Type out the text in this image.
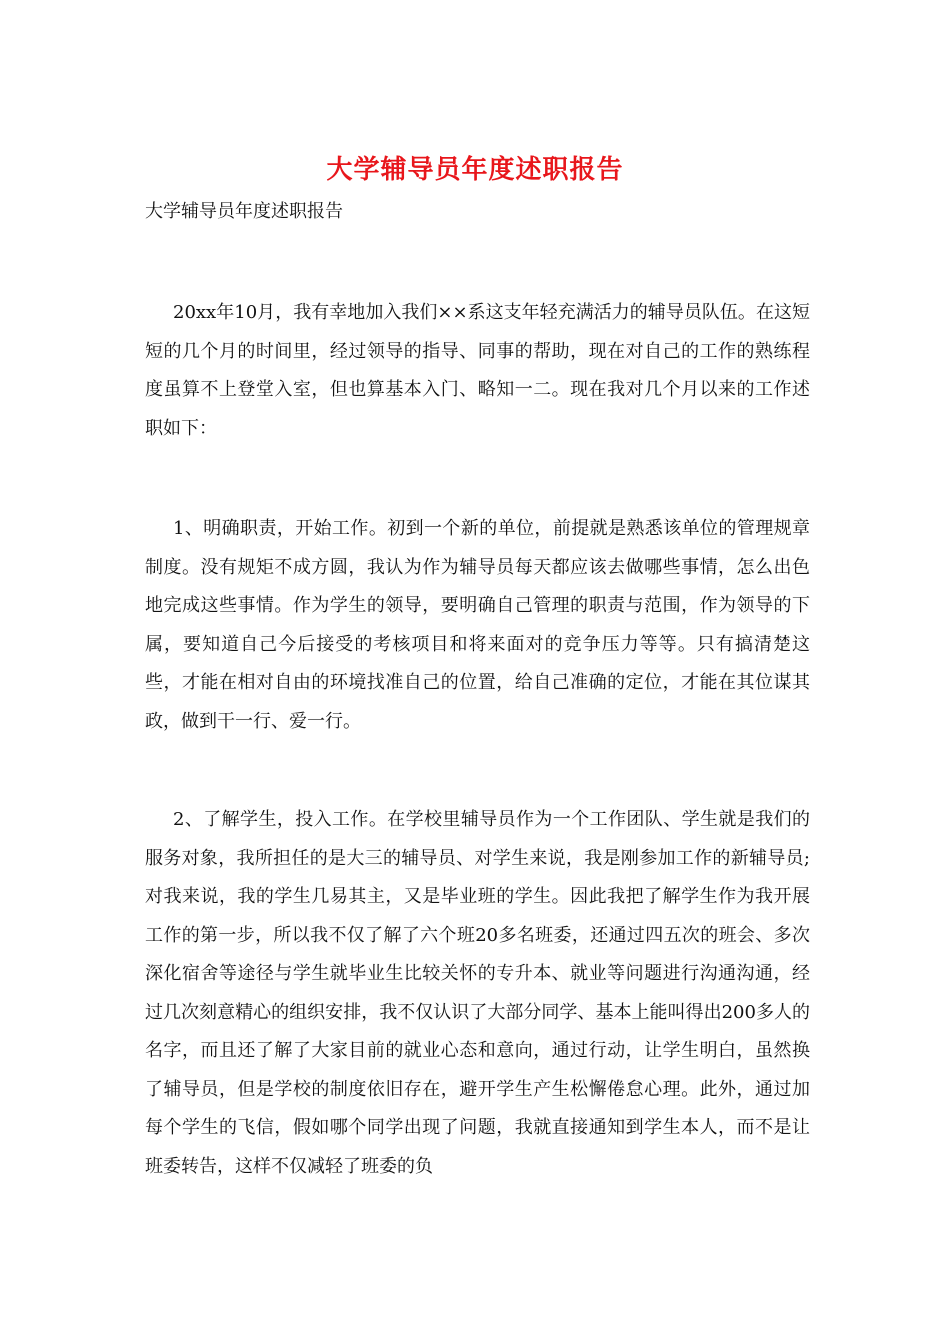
大学辅导员年度述职报告
大学辅导员年度述职报告

20xx年10月，我有幸地加入我们××系这支年轻充满活力的辅导员队伍。在这短短的几个月的时间里，经过领导的指导、同事的帮助，现在对自己的工作的熟练程度虽算不上登堂入室，但也算基本入门、略知一二。现在我对几个月以来的工作述职如下：

1、明确职责，开始工作。初到一个新的单位，前提就是熟悉该单位的管理规章制度。没有规矩不成方圆，我认为作为辅导员每天都应该去做哪些事情，怎么出色地完成这些事情。作为学生的领导，要明确自己管理的职责与范围，作为领导的下属，要知道自己今后接受的考核项目和将来面对的竞争压力等等。只有搞清楚这些，才能在相对自由的环境找准自己的位置，给自己准确的定位，才能在其位谋其政，做到干一行、爱一行。

2、了解学生，投入工作。在学校里辅导员作为一个工作团队、学生就是我们的服务对象，我所担任的是大三的辅导员、对学生来说，我是刚参加工作的新辅导员;对我来说，我的学生几易其主，又是毕业班的学生。因此我把了解学生作为我开展工作的第一步，所以我不仅了解了六个班20多名班委，还通过四五次的班会、多次深化宿舍等途径与学生就毕业生比较关怀的专升本、就业等问题进行沟通沟通，经过几次刻意精心的组织安排，我不仅认识了大部分同学、基本上能叫得出200多人的名字，而且还了解了大家目前的就业心态和意向，通过行动，让学生明白，虽然换了辅导员，但是学校的制度依旧存在，避开学生产生松懈倦怠心理。此外，通过加每个学生的飞信，假如哪个同学出现了问题，我就直接通知到学生本人，而不是让班委转告，这样不仅减轻了班委的负
